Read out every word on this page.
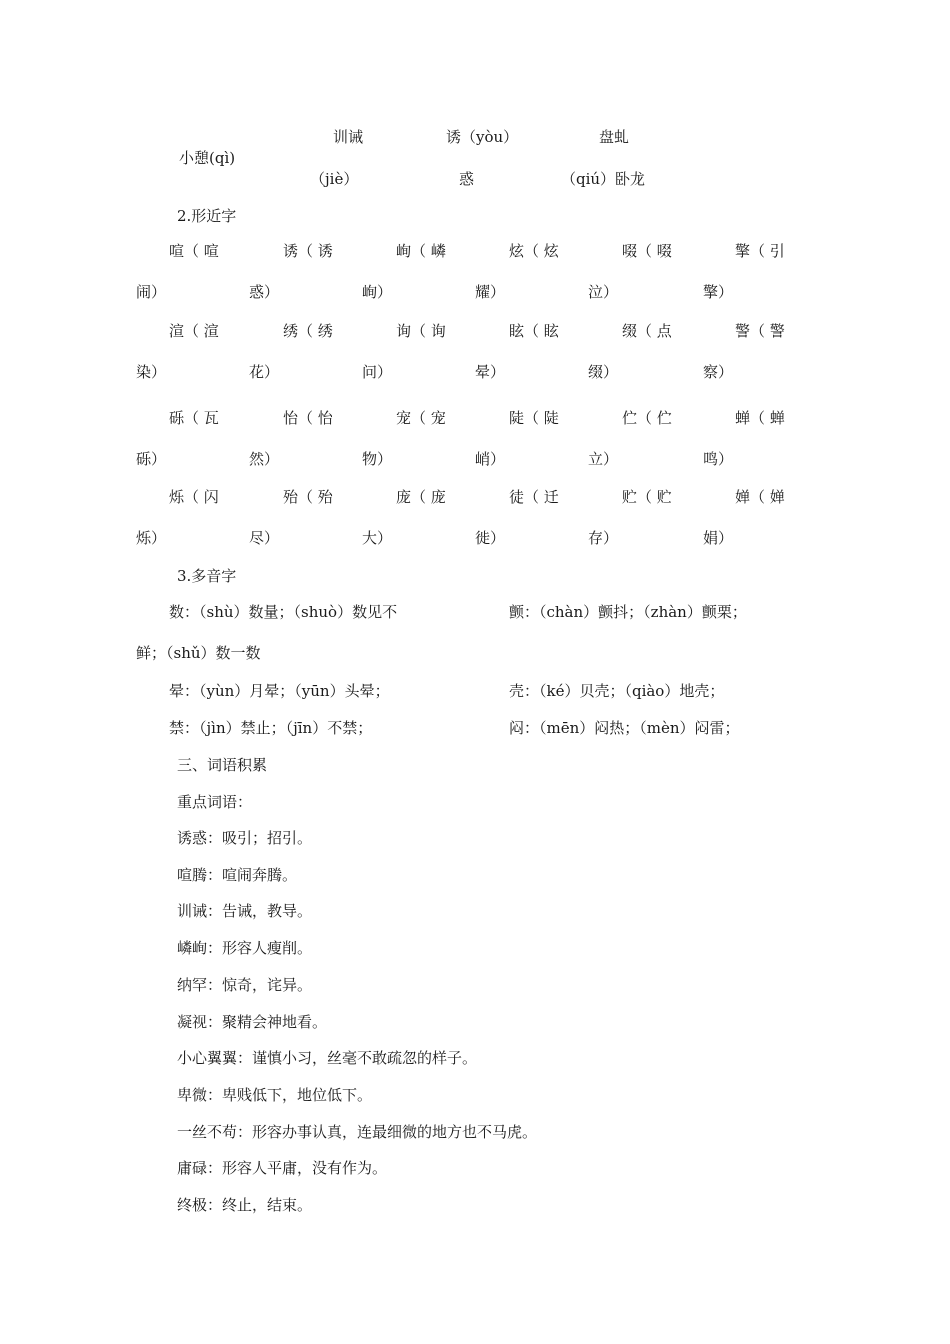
训诫
（jiè）
诱（yòu）
惑
盘虬
（qiú）卧龙
小憩(qì)
2.形近字
喧（ 喧
闹）
诱（ 诱
惑）
峋（ 嶙
峋）
炫（ 炫
耀）
啜（ 啜
泣）
擎（ 引
擎）
渲（ 渲
染）
绣（ 绣
花）
询（ 询
问）
眩（ 眩
晕）
缀（ 点
缀）
警（ 警
察）
砾（ 瓦
砾）
怡（ 怡
然）
宠（ 宠
物）
陡（ 陡
峭）
伫（ 伫
立）
蝉（ 蝉
鸣）
烁（ 闪
烁）
殆（ 殆
尽）
庞（ 庞
大）
徒（ 迁
徙）
贮（ 贮
存）
婵（ 婵
娟）
3.多音字
数：（shù）数量；（shuò）数见不
鲜；（shǔ）数一数
颤：（chàn）颤抖；（zhàn）颤栗；
晕：（yùn）月晕；（yūn）头晕；	壳：（ké）贝壳；（qiào）地壳；
禁：（jìn）禁止；（jīn）不禁；	闷：（mēn）闷热；（mèn）闷雷；
三、词语积累
重点词语：
诱惑：吸引；招引。
喧腾：喧闹奔腾。
训诫：告诫，教导。
嶙峋：形容人瘦削。
纳罕：惊奇，诧异。
凝视：聚精会神地看。
小心翼翼：谨慎小习，丝毫不敢疏忽的样子。
卑微：卑贱低下，地位低下。
一丝不苟：形容办事认真，连最细微的地方也不马虎。
庸碌：形容人平庸，没有作为。
终极：终止，结束。
